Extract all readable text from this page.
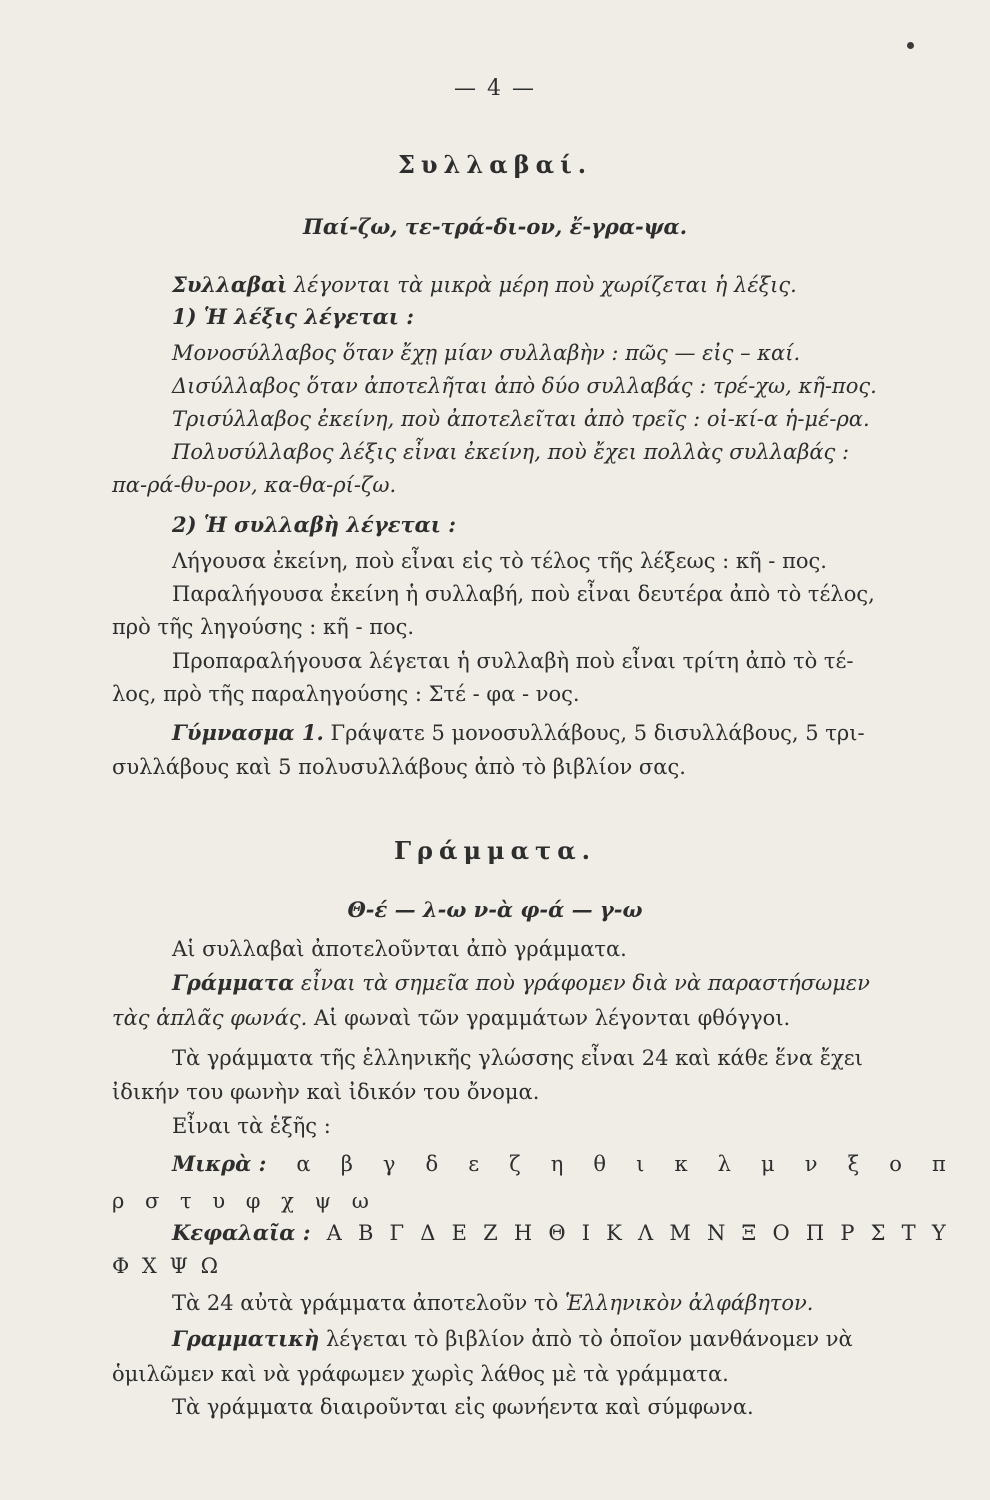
— 4 —
Συλλαβαί.
Παί-ζω, τε-τρά-δι-ον, ἔ-γρα-ψα.
Συλλαβαὶ λέγονται τὰ μικρὰ μέρη ποὺ χωρίζεται ἡ λέξις.
1) Ἡ λέξις λέγεται :
Μονοσύλλαβος ὅταν ἔχῃ μίαν συλλαβὴν : πῶς — εἰς – καί.
Δισύλλαβος ὅταν ἀποτελῆται ἀπὸ δύο συλλαβάς : τρέ-χω, κῆ-πος.
Τρισύλλαβος ἐκείνη, ποὺ ἀποτελεῖται ἀπὸ τρεῖς : οἰ-κί-α ἡ-μέ-ρα.
Πολυσύλλαβος λέξις εἶναι ἐκείνη, ποὺ ἔχει πολλὰς συλλαβάς :
πα-ρά-θυ-ρον, κα-θα-ρί-ζω.
2) Ἡ συλλαβὴ λέγεται :
Λήγουσα ἐκείνη, ποὺ εἶναι εἰς τὸ τέλος τῆς λέξεως : κῆ - πος.
Παραλήγουσα ἐκείνη ἡ συλλαβή, ποὺ εἶναι δευτέρα ἀπὸ τὸ τέλος,
πρὸ τῆς ληγούσης : κῆ - πος.
Προπαραλήγουσα λέγεται ἡ συλλαβὴ ποὺ εἶναι τρίτη ἀπὸ τὸ τέ-
λος, πρὸ τῆς παραληγούσης : Στέ - φα - νος.
Γύμνασμα 1. Γράψατε 5 μονοσυλλάβους, 5 δισυλλάβους, 5 τρι-
συλλάβους καὶ 5 πολυσυλλάβους ἀπὸ τὸ βιβλίον σας.
Γράμματα.
Θ-έ — λ-ω ν-ὰ φ-ά — γ-ω
Αἱ συλλαβαὶ ἀποτελοῦνται ἀπὸ γράμματα.
Γράμματα εἶναι τὰ σημεῖα ποὺ γράφομεν διὰ νὰ παραστήσωμεν
τὰς ἁπλᾶς φωνάς. Αἱ φωναὶ τῶν γραμμάτων λέγονται φθόγγοι.
Τὰ γράμματα τῆς ἑλληνικῆς γλώσσης εἶναι 24 καὶ κάθε ἕνα ἔχει
ἰδικήν του φωνὴν καὶ ἰδικόν του ὄνομα.
Εἶναι τὰ ἑξῆς :
Μικρὰ : α β γ δ ε ζ η θ ι κ λ μ ν ξ ο π
ρ σ τ υ φ χ ψ ω
Κεφαλαῖα : Α Β Γ Δ Ε Ζ Η Θ Ι Κ Λ Μ Ν Ξ Ο Π Ρ Σ Τ Υ
Φ Χ Ψ Ω
Τὰ 24 αὐτὰ γράμματα ἀποτελοῦν τὸ Ἑλληνικὸν ἀλφάβητον.
Γραμματικὴ λέγεται τὸ βιβλίον ἀπὸ τὸ ὁποῖον μανθάνομεν νὰ
ὁμιλῶμεν καὶ νὰ γράφωμεν χωρὶς λάθος μὲ τὰ γράμματα.
Τὰ γράμματα διαιροῦνται εἰς φωνήεντα καὶ σύμφωνα.
